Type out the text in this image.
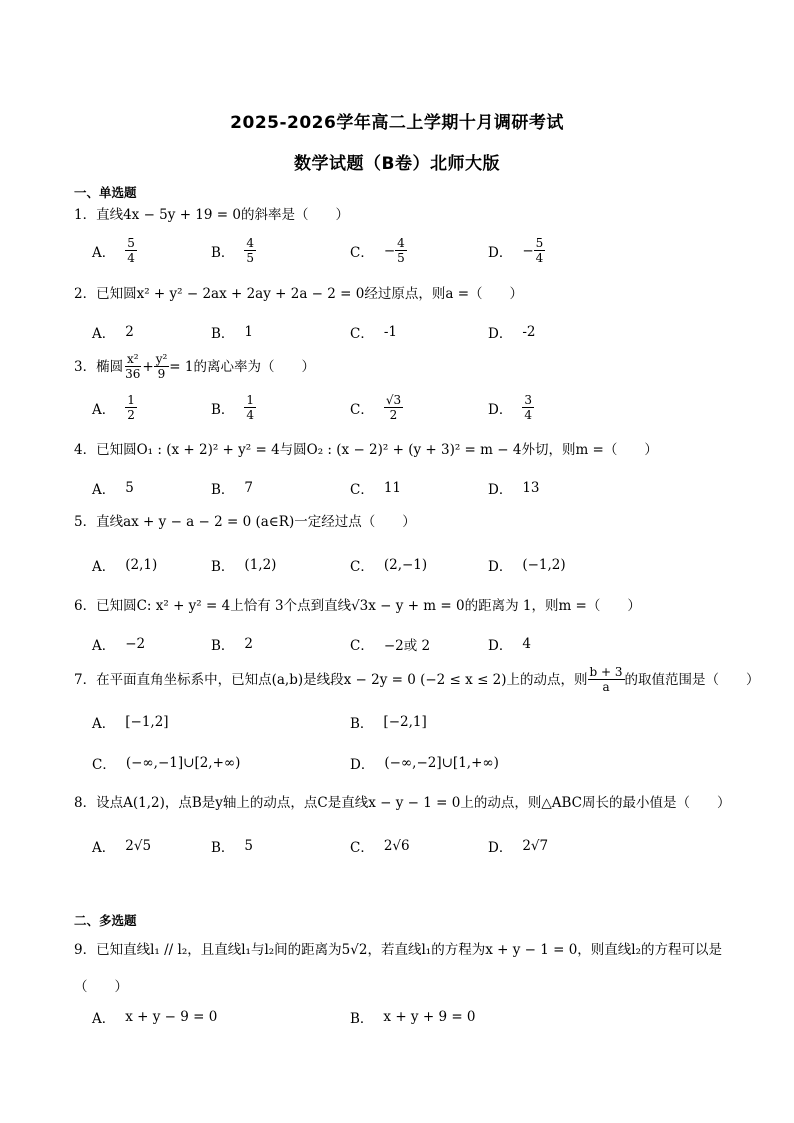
2025-2026学年高二上学期十月调研考试
数学试题（B卷）北师大版
一、单选题
1．直线4x − 5y + 19 = 0的斜率是（　　）
A． $\frac{5}{4}$	B． $\frac{4}{5}$	C． − $\frac{4}{5}$	D． − $\frac{5}{4}$
2．已知圆x² + y² − 2ax + 2ay + 2a − 2 = 0经过原点，则a =（　　）
A． 2	B． 1	C． -1	D． -2
3．椭圆 $\frac{\text{x²}}{36} + \frac{\text{y²}}{9} = 1$的离心率为（　　）
A． $\frac{1}{2}$	B． $\frac{1}{4}$	C． $\frac{√3}{2}$	D． $\frac{3}{4}$
4．已知圆O₁ : (x + 2)² + y² = 4与圆O₂ : (x − 2)² + (y + 3)² = m − 4外切，则m =（　　）
A． 5	B． 7	C． 11	D． 13
5．直线ax + y − a − 2 = 0 (a∈R)一定经过点（　　）
A． (2,1)	B． (1,2)	C． (2,−1)	D． (−1,2)
6．已知圆C: x² + y² = 4上恰有 3个点到直线√3x − y + m = 0的距离为 1，则m =（　　）
A． −2	B． 2	C． −2或 2	D． 4
7．在平面直角坐标系中，已知点(a,b)是线段x − 2y = 0 (−2 ≤ x ≤ 2)上的动点，则 $\frac{b + 3}{a}$ 的取值范围是（　　）
A． [−1,2]	B． [−2,1]
C． (−∞,−1]∪[2,+∞)	D． (−∞,−2]∪[1,+∞)
8．设点A(1,2)，点B是y轴上的动点，点C是直线x − y − 1 = 0上的动点，则△ABC周长的最小值是（　　）
A． 2√5	B． 5	C． 2√6	D． 2√7
二、多选题
9．已知直线l₁ // l₂，且直线l₁与l₂间的距离为5√2，若直线l₁的方程为x + y − 1 = 0，则直线l₂的方程可以是
（　　）
A． x + y − 9 = 0	B． x + y + 9 = 0
